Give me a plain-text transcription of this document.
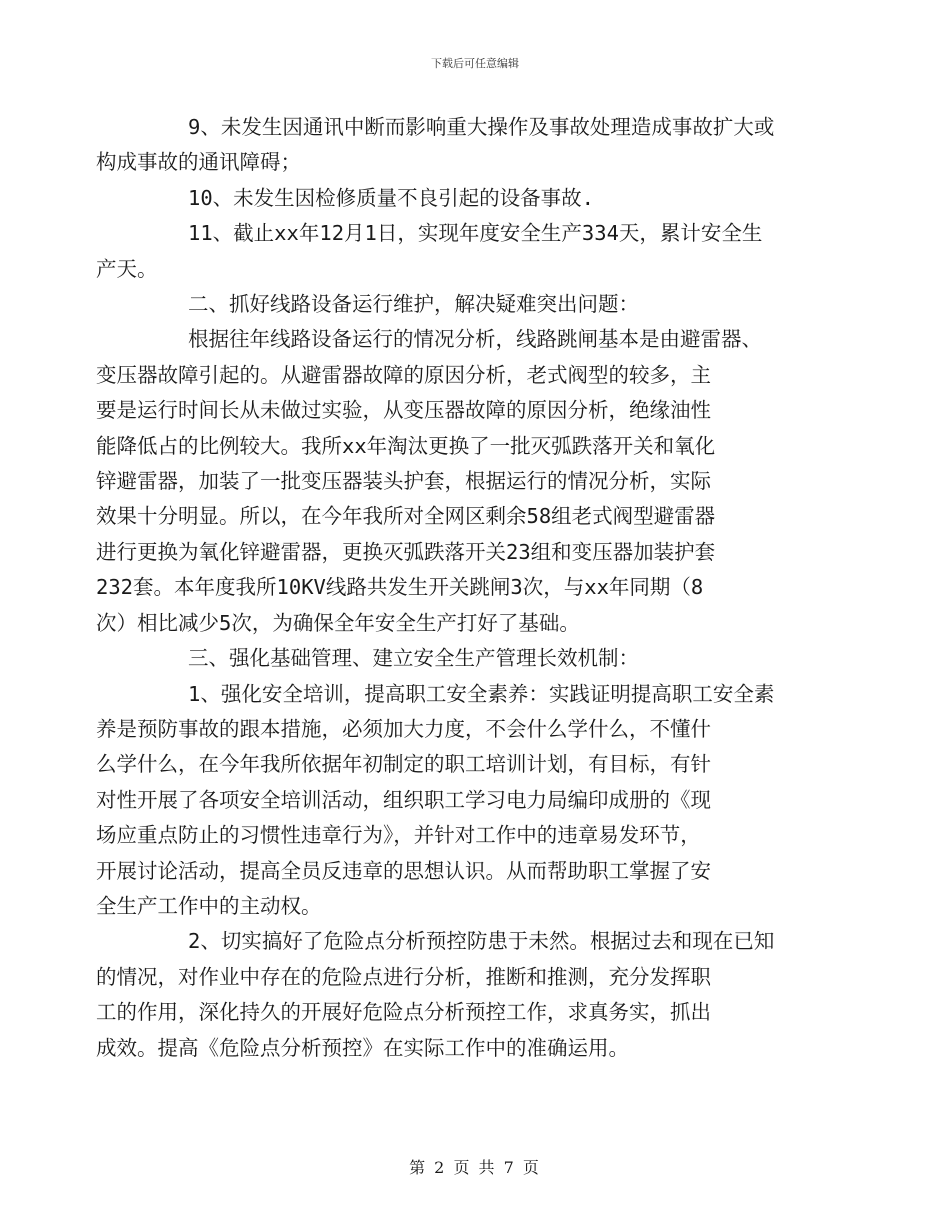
下载后可任意编辑

9、未发生因通讯中断而影响重大操作及事故处理造成事故扩大或
构成事故的通讯障碍；

10、未发生因检修质量不良引起的设备事故.

11、截止xx年12月1日，实现年度安全生产334天，累计安全生
产天。

二、抓好线路设备运行维护，解决疑难突出问题：

根据往年线路设备运行的情况分析，线路跳闸基本是由避雷器、
变压器故障引起的。从避雷器故障的原因分析，老式阀型的较多，主
要是运行时间长从未做过实验，从变压器故障的原因分析，绝缘油性
能降低占的比例较大。我所xx年淘汰更换了一批灭弧跌落开关和氧化
锌避雷器，加装了一批变压器装头护套，根据运行的情况分析，实际
效果十分明显。所以，在今年我所对全网区剩余58组老式阀型避雷器
进行更换为氧化锌避雷器，更换灭弧跌落开关23组和变压器加装护套
232套。本年度我所10KV线路共发生开关跳闸3次，与xx年同期（8
次）相比减少5次，为确保全年安全生产打好了基础。

三、强化基础管理、建立安全生产管理长效机制：

1、强化安全培训，提高职工安全素养：实践证明提高职工安全素
养是预防事故的跟本措施，必须加大力度，不会什么学什么，不懂什
么学什么，在今年我所依据年初制定的职工培训计划，有目标，有针
对性开展了各项安全培训活动，组织职工学习电力局编印成册的《现
场应重点防止的习惯性违章行为》，并针对工作中的违章易发环节，
开展讨论活动，提高全员反违章的思想认识。从而帮助职工掌握了安
全生产工作中的主动权。

2、切实搞好了危险点分析预控防患于未然。根据过去和现在已知
的情况，对作业中存在的危险点进行分析，推断和推测，充分发挥职
工的作用，深化持久的开展好危险点分析预控工作，求真务实，抓出
成效。提高《危险点分析预控》在实际工作中的准确运用。

第 2 页 共 7 页
